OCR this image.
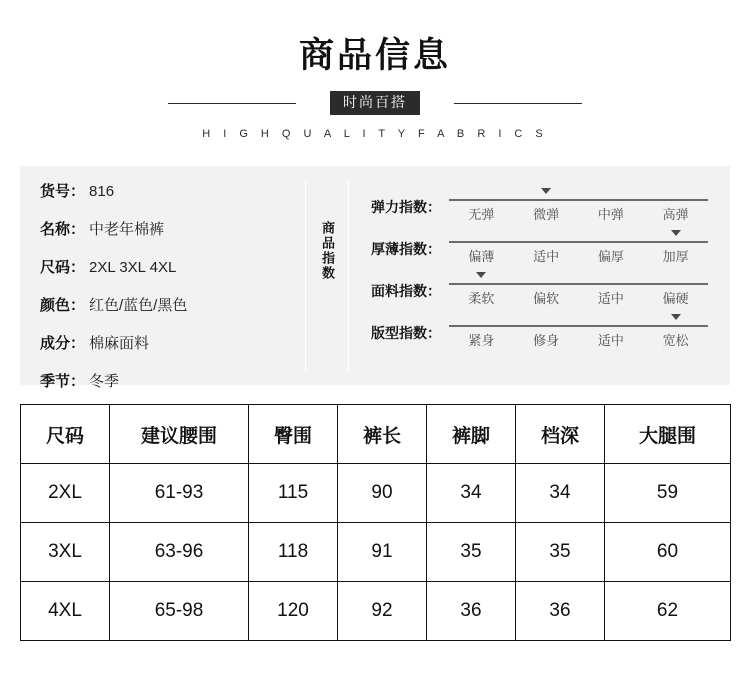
商品信息
时尚百搭
H I G H Q U A L I T Y F A B R I C S
货号： 816
名称： 中老年棉裤
尺码： 2XL 3XL 4XL
颜色： 红色/蓝色/黑色
成分： 棉麻面料
季节： 冬季
商品指数
弹力指数：	无弹	微弹	中弹	高弹
厚薄指数：	偏薄	适中	偏厚	加厚
面料指数：	柔软	偏软	适中	偏硬
版型指数：	紧身	修身	适中	宽松
尺码	建议腰围	臀围	裤长	裤脚	档深	大腿围
2XL	61-93	115	90	34	34	59
3XL	63-96	118	91	35	35	60
4XL	65-98	120	92	36	36	62
